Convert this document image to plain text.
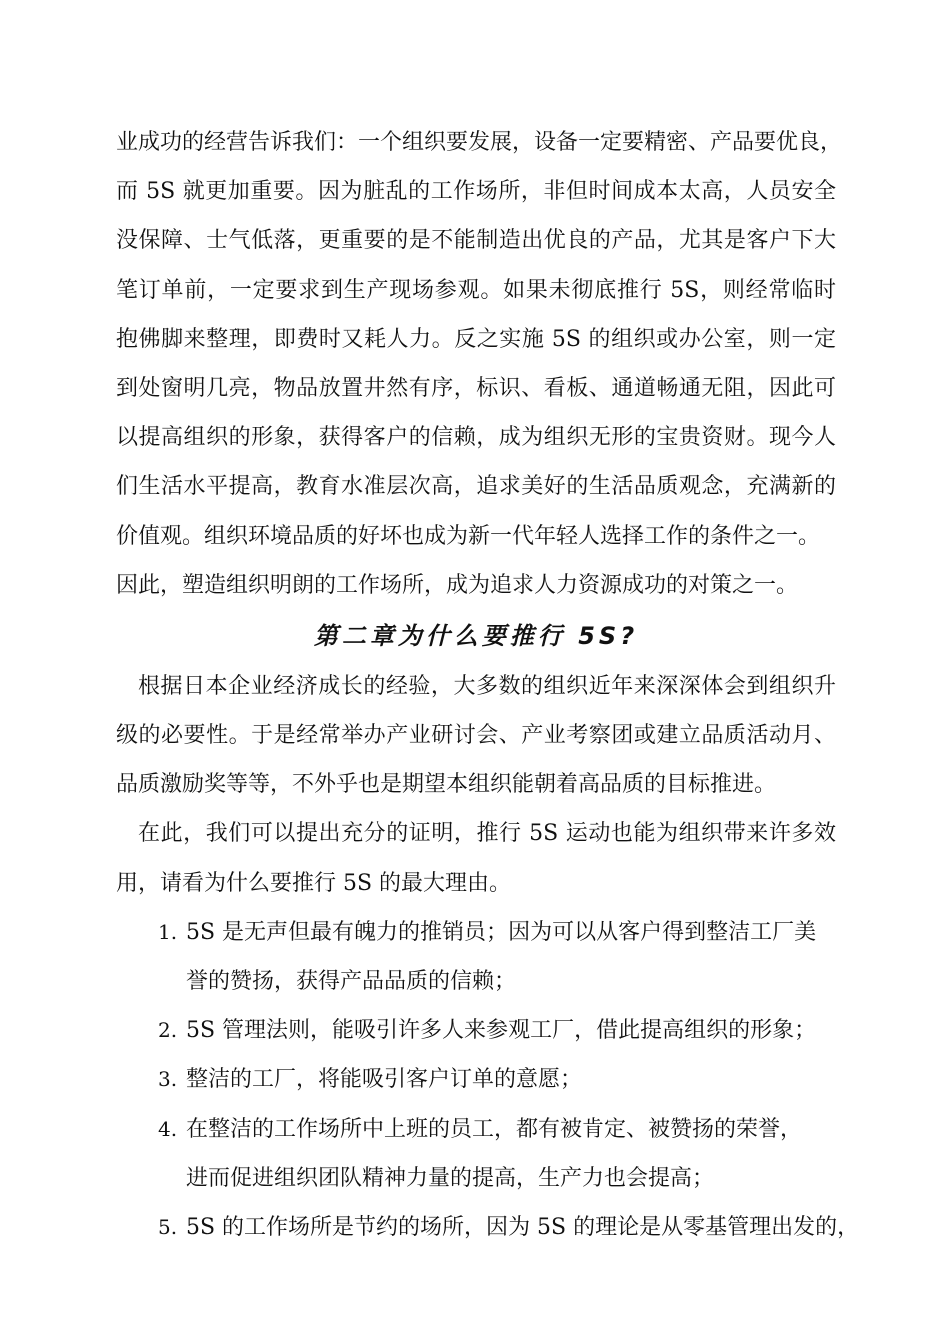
业成功的经营告诉我们：一个组织要发展，设备一定要精密、产品要优良，
而 5S 就更加重要。因为脏乱的工作场所，非但时间成本太高，人员安全
没保障、士气低落，更重要的是不能制造出优良的产品，尤其是客户下大
笔订单前，一定要求到生产现场参观。如果未彻底推行 5S，则经常临时
抱佛脚来整理，即费时又耗人力。反之实施 5S 的组织或办公室，则一定
到处窗明几亮，物品放置井然有序，标识、看板、通道畅通无阻，因此可
以提高组织的形象，获得客户的信赖，成为组织无形的宝贵资财。现今人
们生活水平提高，教育水准层次高，追求美好的生活品质观念，充满新的
价值观。组织环境品质的好坏也成为新一代年轻人选择工作的条件之一。
因此，塑造组织明朗的工作场所，成为追求人力资源成功的对策之一。
第二章为什么要推行 5S?
根据日本企业经济成长的经验，大多数的组织近年来深深体会到组织升
级的必要性。于是经常举办产业研讨会、产业考察团或建立品质活动月、
品质激励奖等等，不外乎也是期望本组织能朝着高品质的目标推进。
在此，我们可以提出充分的证明，推行 5S 运动也能为组织带来许多效
用，请看为什么要推行 5S 的最大理由。
1. 5S 是无声但最有魄力的推销员；因为可以从客户得到整洁工厂美
誉的赞扬，获得产品品质的信赖；
2. 5S 管理法则，能吸引许多人来参观工厂，借此提高组织的形象；
3. 整洁的工厂，将能吸引客户订单的意愿；
4. 在整洁的工作场所中上班的员工，都有被肯定、被赞扬的荣誉，
进而促进组织团队精神力量的提高，生产力也会提高；
5. 5S 的工作场所是节约的场所，因为 5S 的理论是从零基管理出发的，
